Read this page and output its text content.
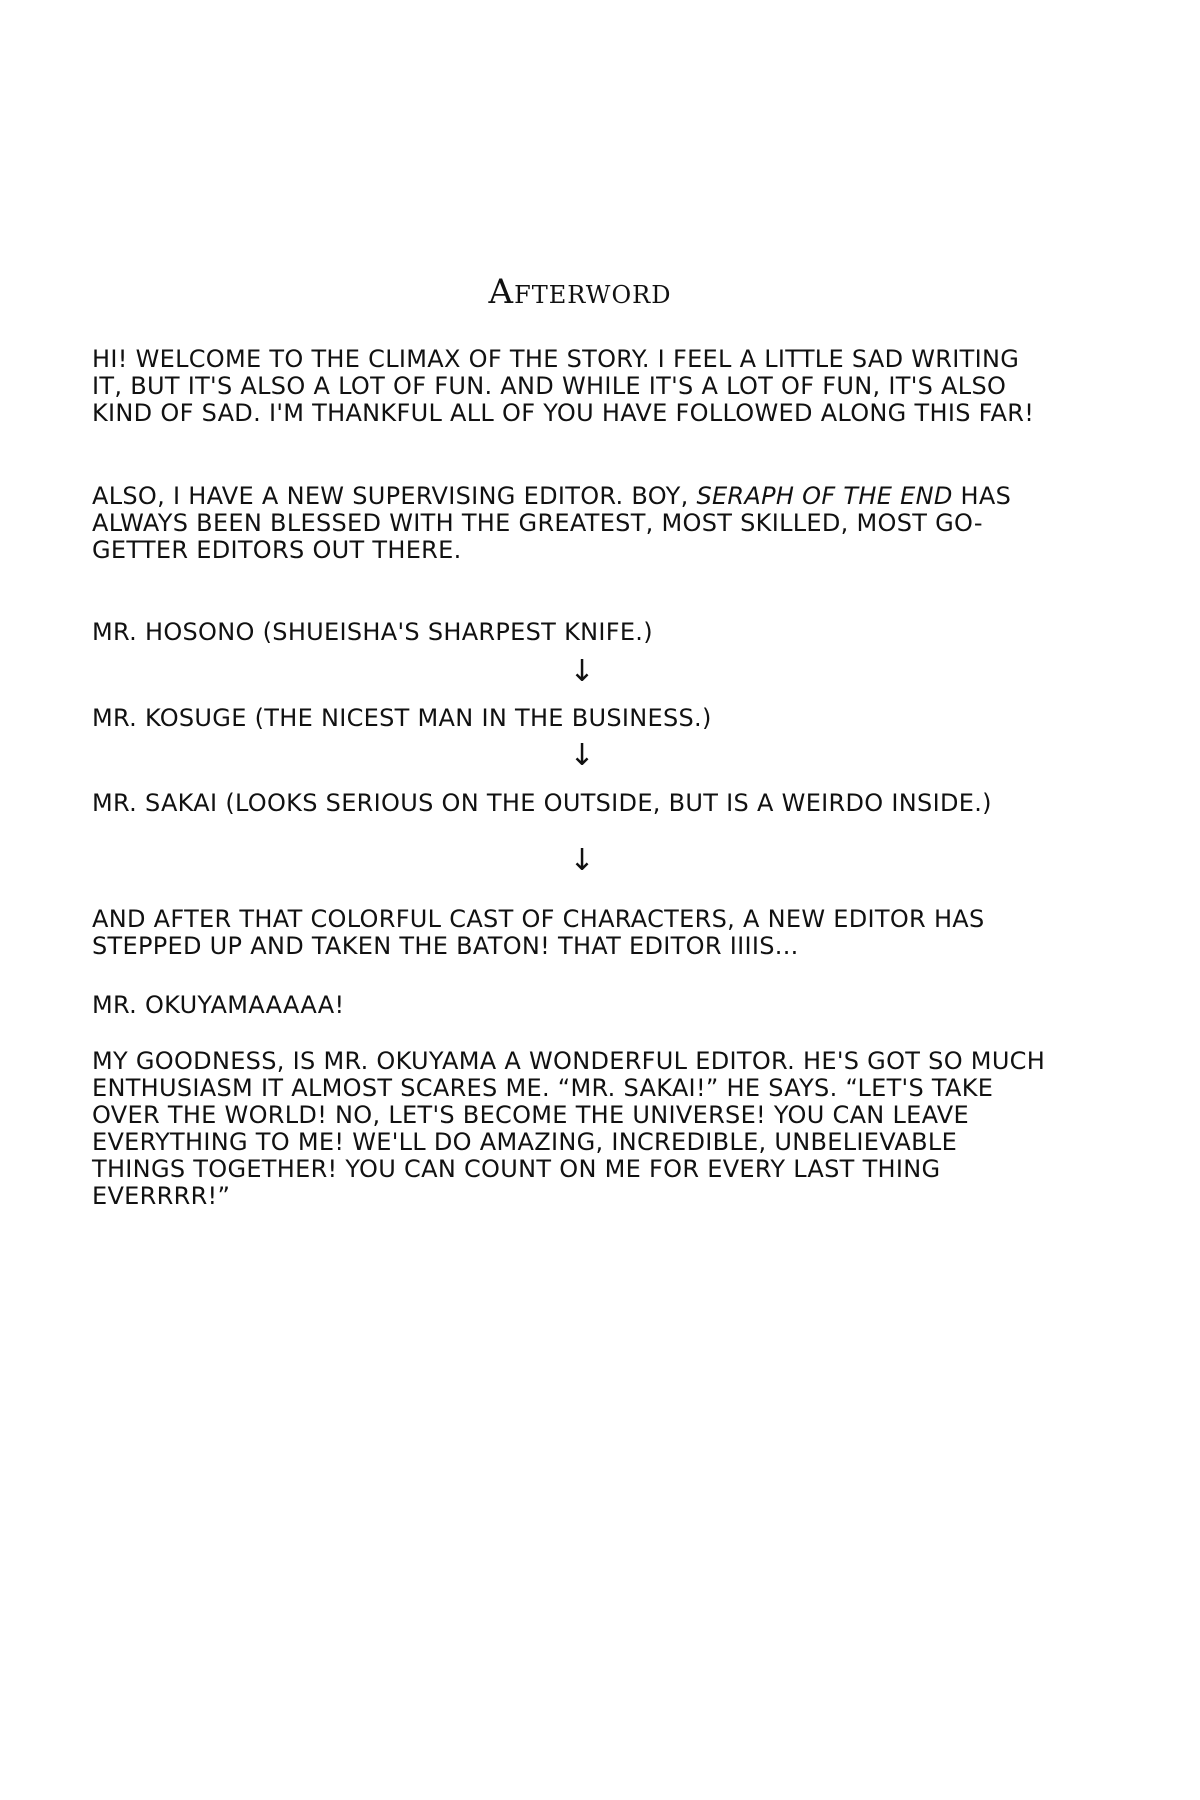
Afterword

HI! WELCOME TO THE CLIMAX OF THE STORY. I FEEL A LITTLE SAD WRITING IT, BUT IT'S ALSO A LOT OF FUN. AND WHILE IT'S A LOT OF FUN, IT'S ALSO KIND OF SAD. I'M THANKFUL ALL OF YOU HAVE FOLLOWED ALONG THIS FAR!

ALSO, I HAVE A NEW SUPERVISING EDITOR. BOY, SERAPH OF THE END HAS ALWAYS BEEN BLESSED WITH THE GREATEST, MOST SKILLED, MOST GO-GETTER EDITORS OUT THERE.

MR. HOSONO (SHUEISHA'S SHARPEST KNIFE.)

↓

MR. KOSUGE (THE NICEST MAN IN THE BUSINESS.)

↓

MR. SAKAI (LOOKS SERIOUS ON THE OUTSIDE, BUT IS A WEIRDO INSIDE.)

↓

AND AFTER THAT COLORFUL CAST OF CHARACTERS, A NEW EDITOR HAS STEPPED UP AND TAKEN THE BATON! THAT EDITOR IIIIS...

MR. OKUYAMAAAAA!

MY GOODNESS, IS MR. OKUYAMA A WONDERFUL EDITOR. HE'S GOT SO MUCH ENTHUSIASM IT ALMOST SCARES ME. “MR. SAKAI!” HE SAYS. “LET'S TAKE OVER THE WORLD! NO, LET'S BECOME THE UNIVERSE! YOU CAN LEAVE EVERYTHING TO ME! WE'LL DO AMAZING, INCREDIBLE, UNBELIEVABLE THINGS TOGETHER! YOU CAN COUNT ON ME FOR EVERY LAST THING EVERRRR!”
